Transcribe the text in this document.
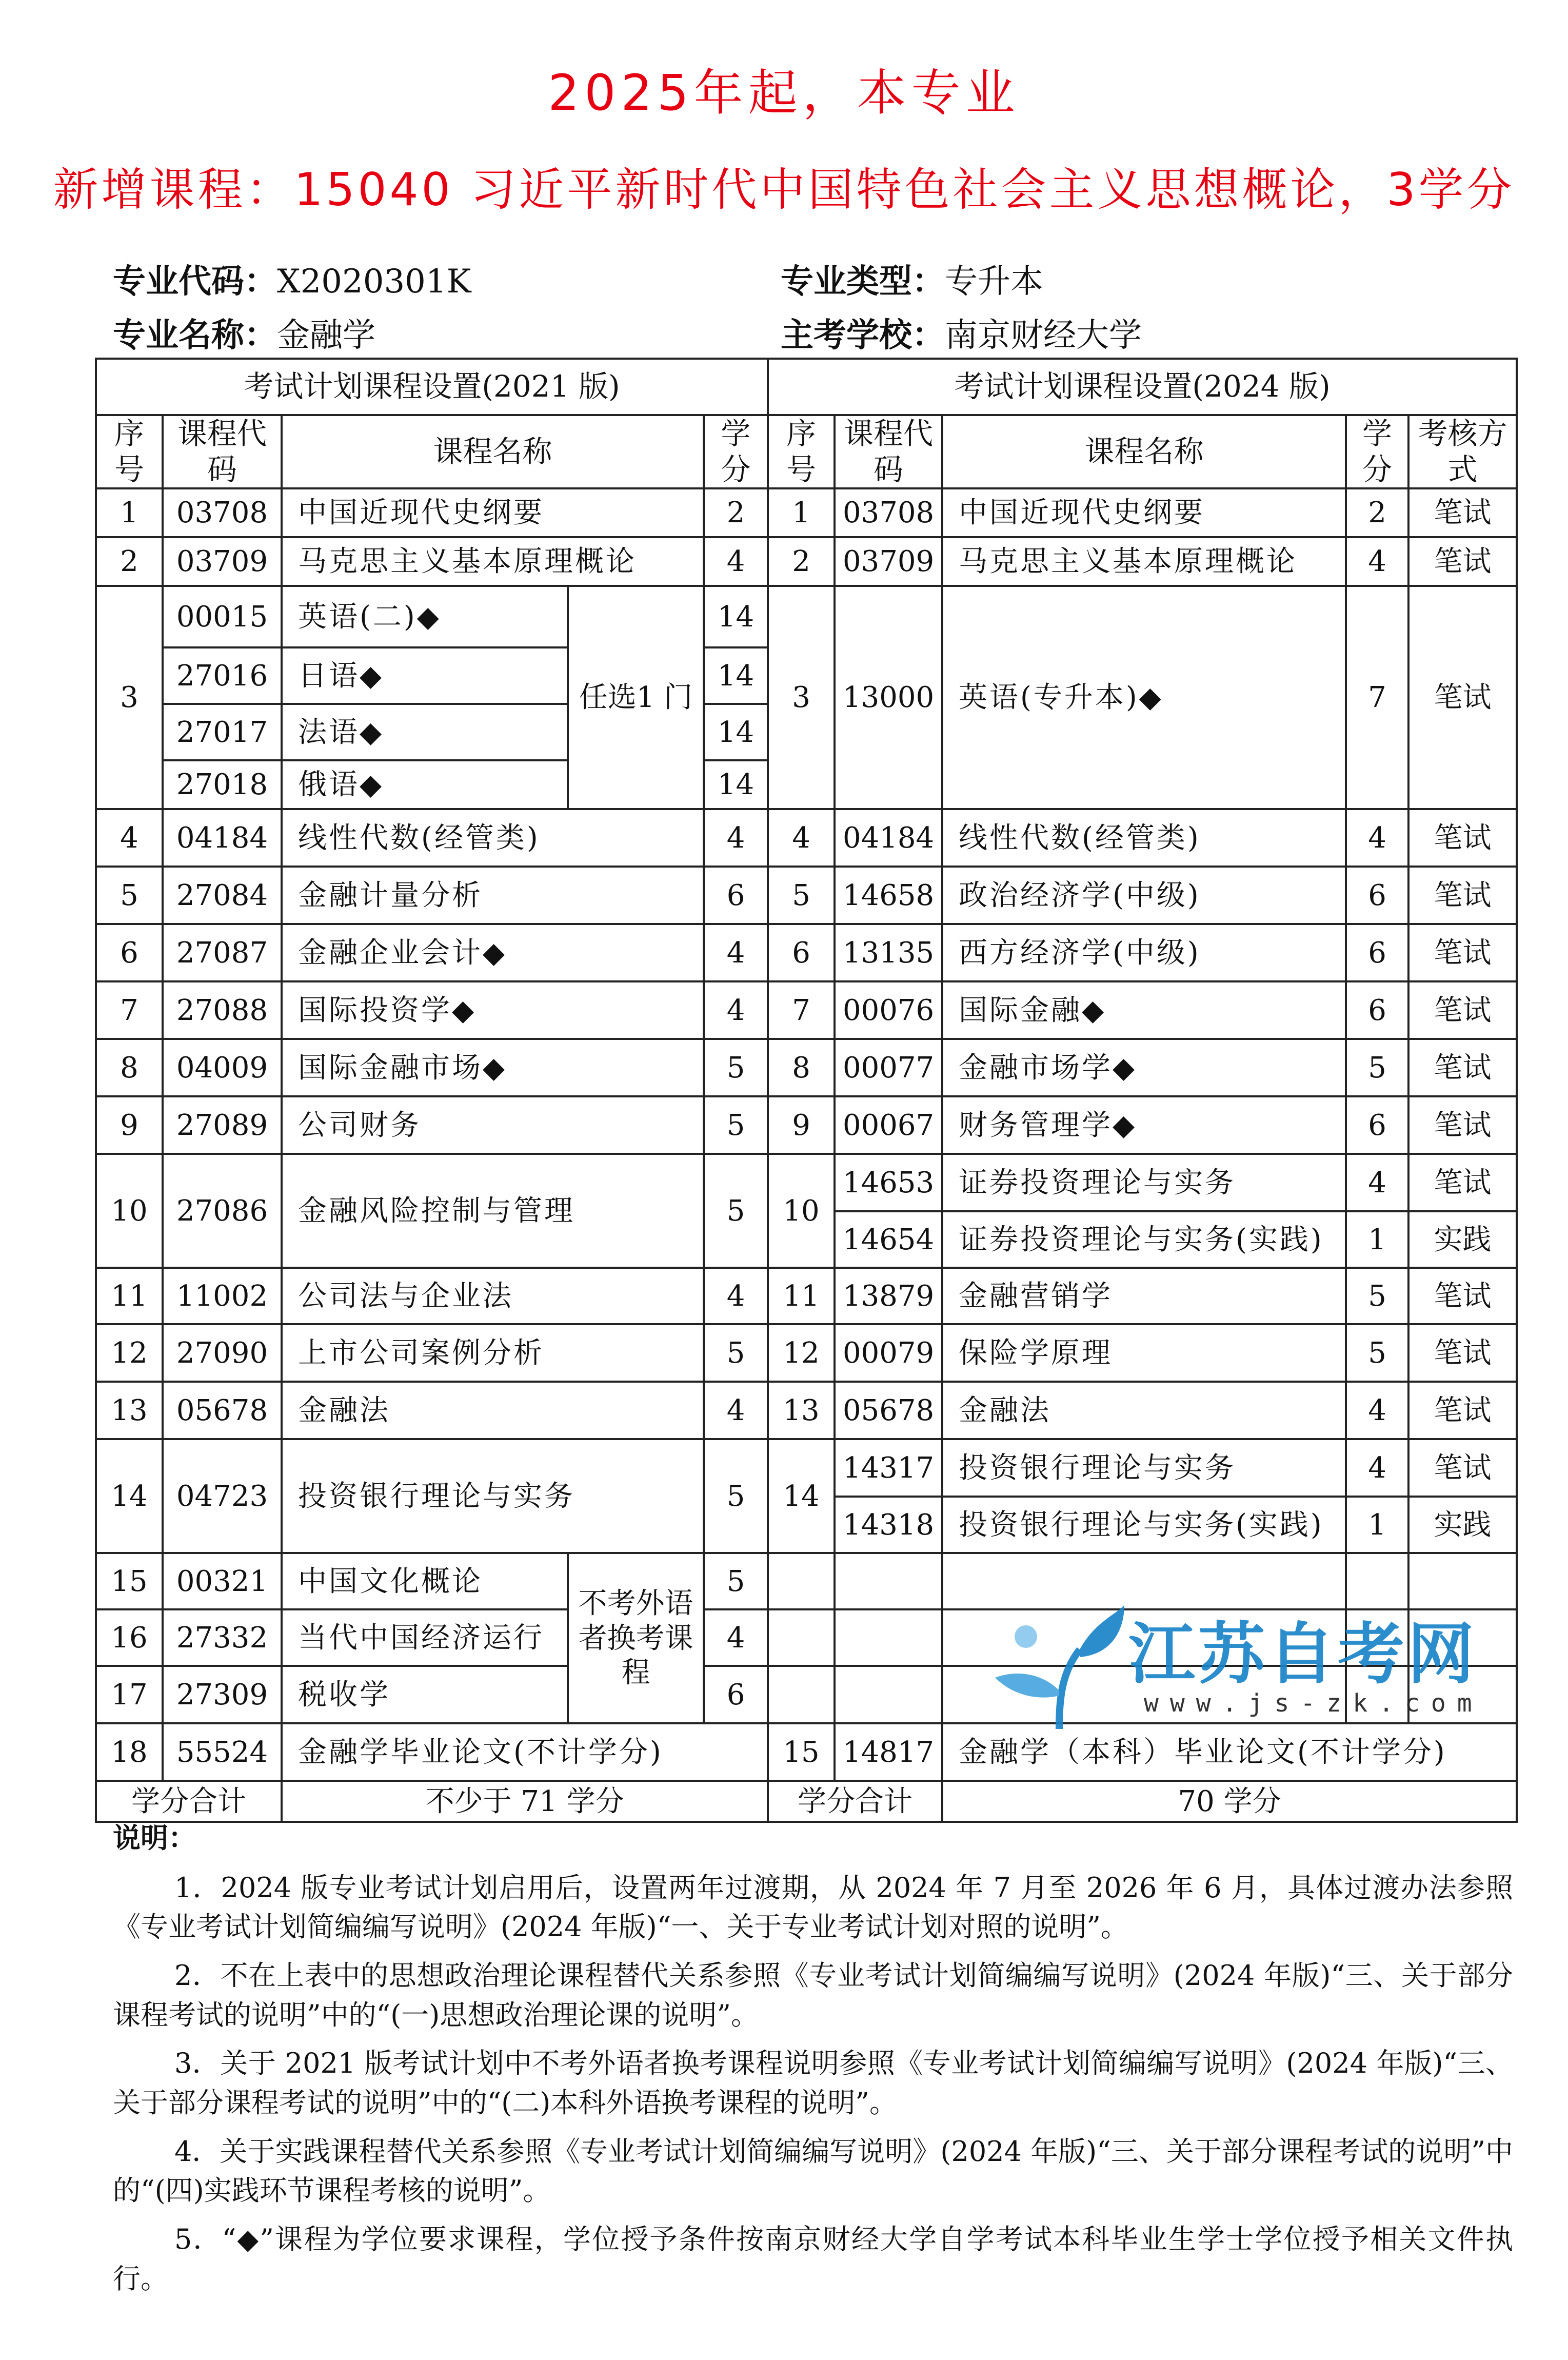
2025年起，本专业
新增课程：15040 习近平新时代中国特色社会主义思想概论，3学分
专业代码：X2020301K	专业类型：专升本
专业名称：金融学	主考学校：南京财经大学
考试计划课程设置(2021 版)					考试计划课程设置(2024 版)				
序号	课程代码	课程名称		学分	序号	课程代码	课程名称	学分	考核方式
1	03708	中国近现代史纲要		2	1	03708	中国近现代史纲要	2	笔试
2	03709	马克思主义基本原理概论		4	2	03709	马克思主义基本原理概论	4	笔试
3	00015	英语(二)◆	任选1 门	14	3	13000	英语(专升本)◆	7	笔试
	27016	日语◆		14					
	27017	法语◆		14					
	27018	俄语◆		14					
4	04184	线性代数(经管类)		4	4	04184	线性代数(经管类)	4	笔试
5	27084	金融计量分析		6	5	14658	政治经济学(中级)	6	笔试
6	27087	金融企业会计◆		4	6	13135	西方经济学(中级)	6	笔试
7	27088	国际投资学◆		4	7	00076	国际金融◆	6	笔试
8	04009	国际金融市场◆		5	8	00077	金融市场学◆	5	笔试
9	27089	公司财务		5	9	00067	财务管理学◆	6	笔试
10	27086	金融风险控制与管理		5	10	14653	证券投资理论与实务	4	笔试
						14654	证券投资理论与实务(实践)	1	实践
11	11002	公司法与企业法		4	11	13879	金融营销学	5	笔试
12	27090	上市公司案例分析		5	12	00079	保险学原理	5	笔试
13	05678	金融法		4	13	05678	金融法	4	笔试
14	04723	投资银行理论与实务		5	14	14317	投资银行理论与实务	4	笔试
						14318	投资银行理论与实务(实践)	1	实践
15	00321	中国文化概论	不考外语者换考课程	5					
16	27332	当代中国经济运行		4					
17	27309	税收学		6					
18	55524	金融学毕业论文(不计学分)			15	14817	金融学（本科）毕业论文(不计学分)		
学分合计		不少于 71 学分			学分合计		70 学分		
说明：

1．2024 版专业考试计划启用后，设置两年过渡期，从 2024 年 7 月至 2026 年 6 月，具体过渡办法参照《专业考试计划简编编写说明》(2024 年版)“一、关于专业考试计划对照的说明”。

2．不在上表中的思想政治理论课程替代关系参照《专业考试计划简编编写说明》(2024 年版)“三、关于部分课程考试的说明”中的“(一)思想政治理论课的说明”。

3．关于 2021 版考试计划中不考外语者换考课程说明参照《专业考试计划简编编写说明》(2024 年版)“三、关于部分课程考试的说明”中的“(二)本科外语换考课程的说明”。

4．关于实践课程替代关系参照《专业考试计划简编编写说明》(2024 年版)“三、关于部分课程考试的说明”中的“(四)实践环节课程考核的说明”。

5．“◆”课程为学位要求课程，学位授予条件按南京财经大学自学考试本科毕业生学士学位授予相关文件执行。

江苏自考网
www.js-zk.com
